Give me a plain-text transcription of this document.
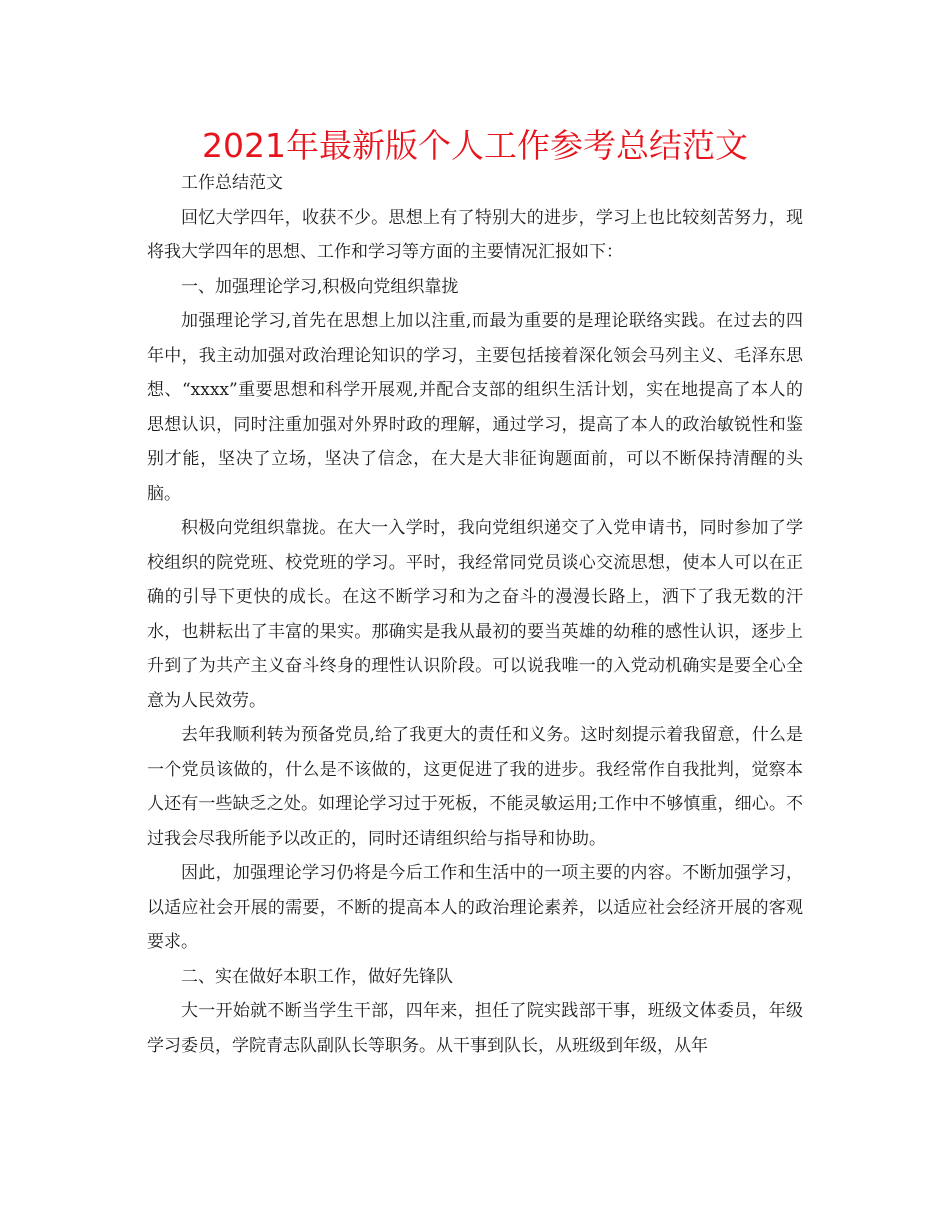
2021年最新版个人工作参考总结范文

工作总结范文

回忆大学四年，收获不少。思想上有了特别大的进步，学习上也比较刻苦努力，现将我大学四年的思想、工作和学习等方面的主要情况汇报如下：

一、加强理论学习,积极向党组织靠拢

加强理论学习,首先在思想上加以注重,而最为重要的是理论联络实践。在过去的四年中，我主动加强对政治理论知识的学习，主要包括接着深化领会马列主义、毛泽东思想、“xxxx”重要思想和科学开展观,并配合支部的组织生活计划，实在地提高了本人的思想认识，同时注重加强对外界时政的理解，通过学习，提高了本人的政治敏锐性和鉴别才能，坚决了立场，坚决了信念，在大是大非征询题面前，可以不断保持清醒的头脑。

积极向党组织靠拢。在大一入学时，我向党组织递交了入党申请书，同时参加了学校组织的院党班、校党班的学习。平时，我经常同党员谈心交流思想，使本人可以在正确的引导下更快的成长。在这不断学习和为之奋斗的漫漫长路上，洒下了我无数的汗水，也耕耘出了丰富的果实。那确实是我从最初的要当英雄的幼稚的感性认识，逐步上升到了为共产主义奋斗终身的理性认识阶段。可以说我唯一的入党动机确实是要全心全意为人民效劳。

去年我顺利转为预备党员,给了我更大的责任和义务。这时刻提示着我留意，什么是一个党员该做的，什么是不该做的，这更促进了我的进步。我经常作自我批判，觉察本人还有一些缺乏之处。如理论学习过于死板，不能灵敏运用;工作中不够慎重，细心。不过我会尽我所能予以改正的，同时还请组织给与指导和协助。

因此，加强理论学习仍将是今后工作和生活中的一项主要的内容。不断加强学习，以适应社会开展的需要，不断的提高本人的政治理论素养，以适应社会经济开展的客观要求。

二、实在做好本职工作，做好先锋队

大一开始就不断当学生干部，四年来，担任了院实践部干事，班级文体委员，年级学习委员，学院青志队副队长等职务。从干事到队长，从班级到年级，从年
